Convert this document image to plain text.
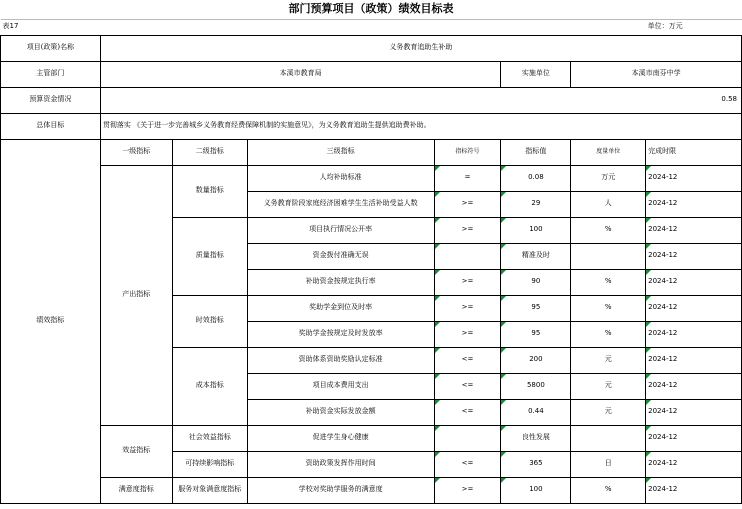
部门预算项目（政策）绩效目标表							
表17							单位：万元
项目(政策)名称	义务教育追助生补助						
主管部门	本溪市教育局				实施单位	本溪市南芬中学	
预算资金情况	0.58						
总体目标	贯彻落实 《关于进一步完善城乡义务教育经费保障机制的实施意见》，为义务教育追助生提供追助费补助。						
绩效指标	一级指标	二级指标	三级指标	指标符号	指标值	度量单位	完成时限
	产出指标	数量指标	人均补助标准	=	0.08	万元	2024-12
			义务教育阶段家庭经济困难学生生活补助受益人数	>=	29	人	2024-12
		质量指标	项目执行情况公开率	>=	100	%	2024-12
			资金拨付准确无误		精准及时		2024-12
			补助资金按规定执行率	>=	90	%	2024-12
		时效指标	奖助学金到位及时率	>=	95	%	2024-12
			奖助学金按规定及时发放率	>=	95	%	2024-12
		成本指标	资助体系资助奖励认定标准	<=	200	元	2024-12
			项目成本费用支出	<=	5800	元	2024-12
			补助资金实际发放金额	<=	0.44	元	2024-12
	效益指标	社会效益指标	促进学生身心健康		良性发展		2024-12
		可持续影响指标	资助政策发挥作用时间	<=	365	日	2024-12
	满意度指标	服务对象满意度指标	学校对奖助学服务的满意度	>=	100	%	2024-12
